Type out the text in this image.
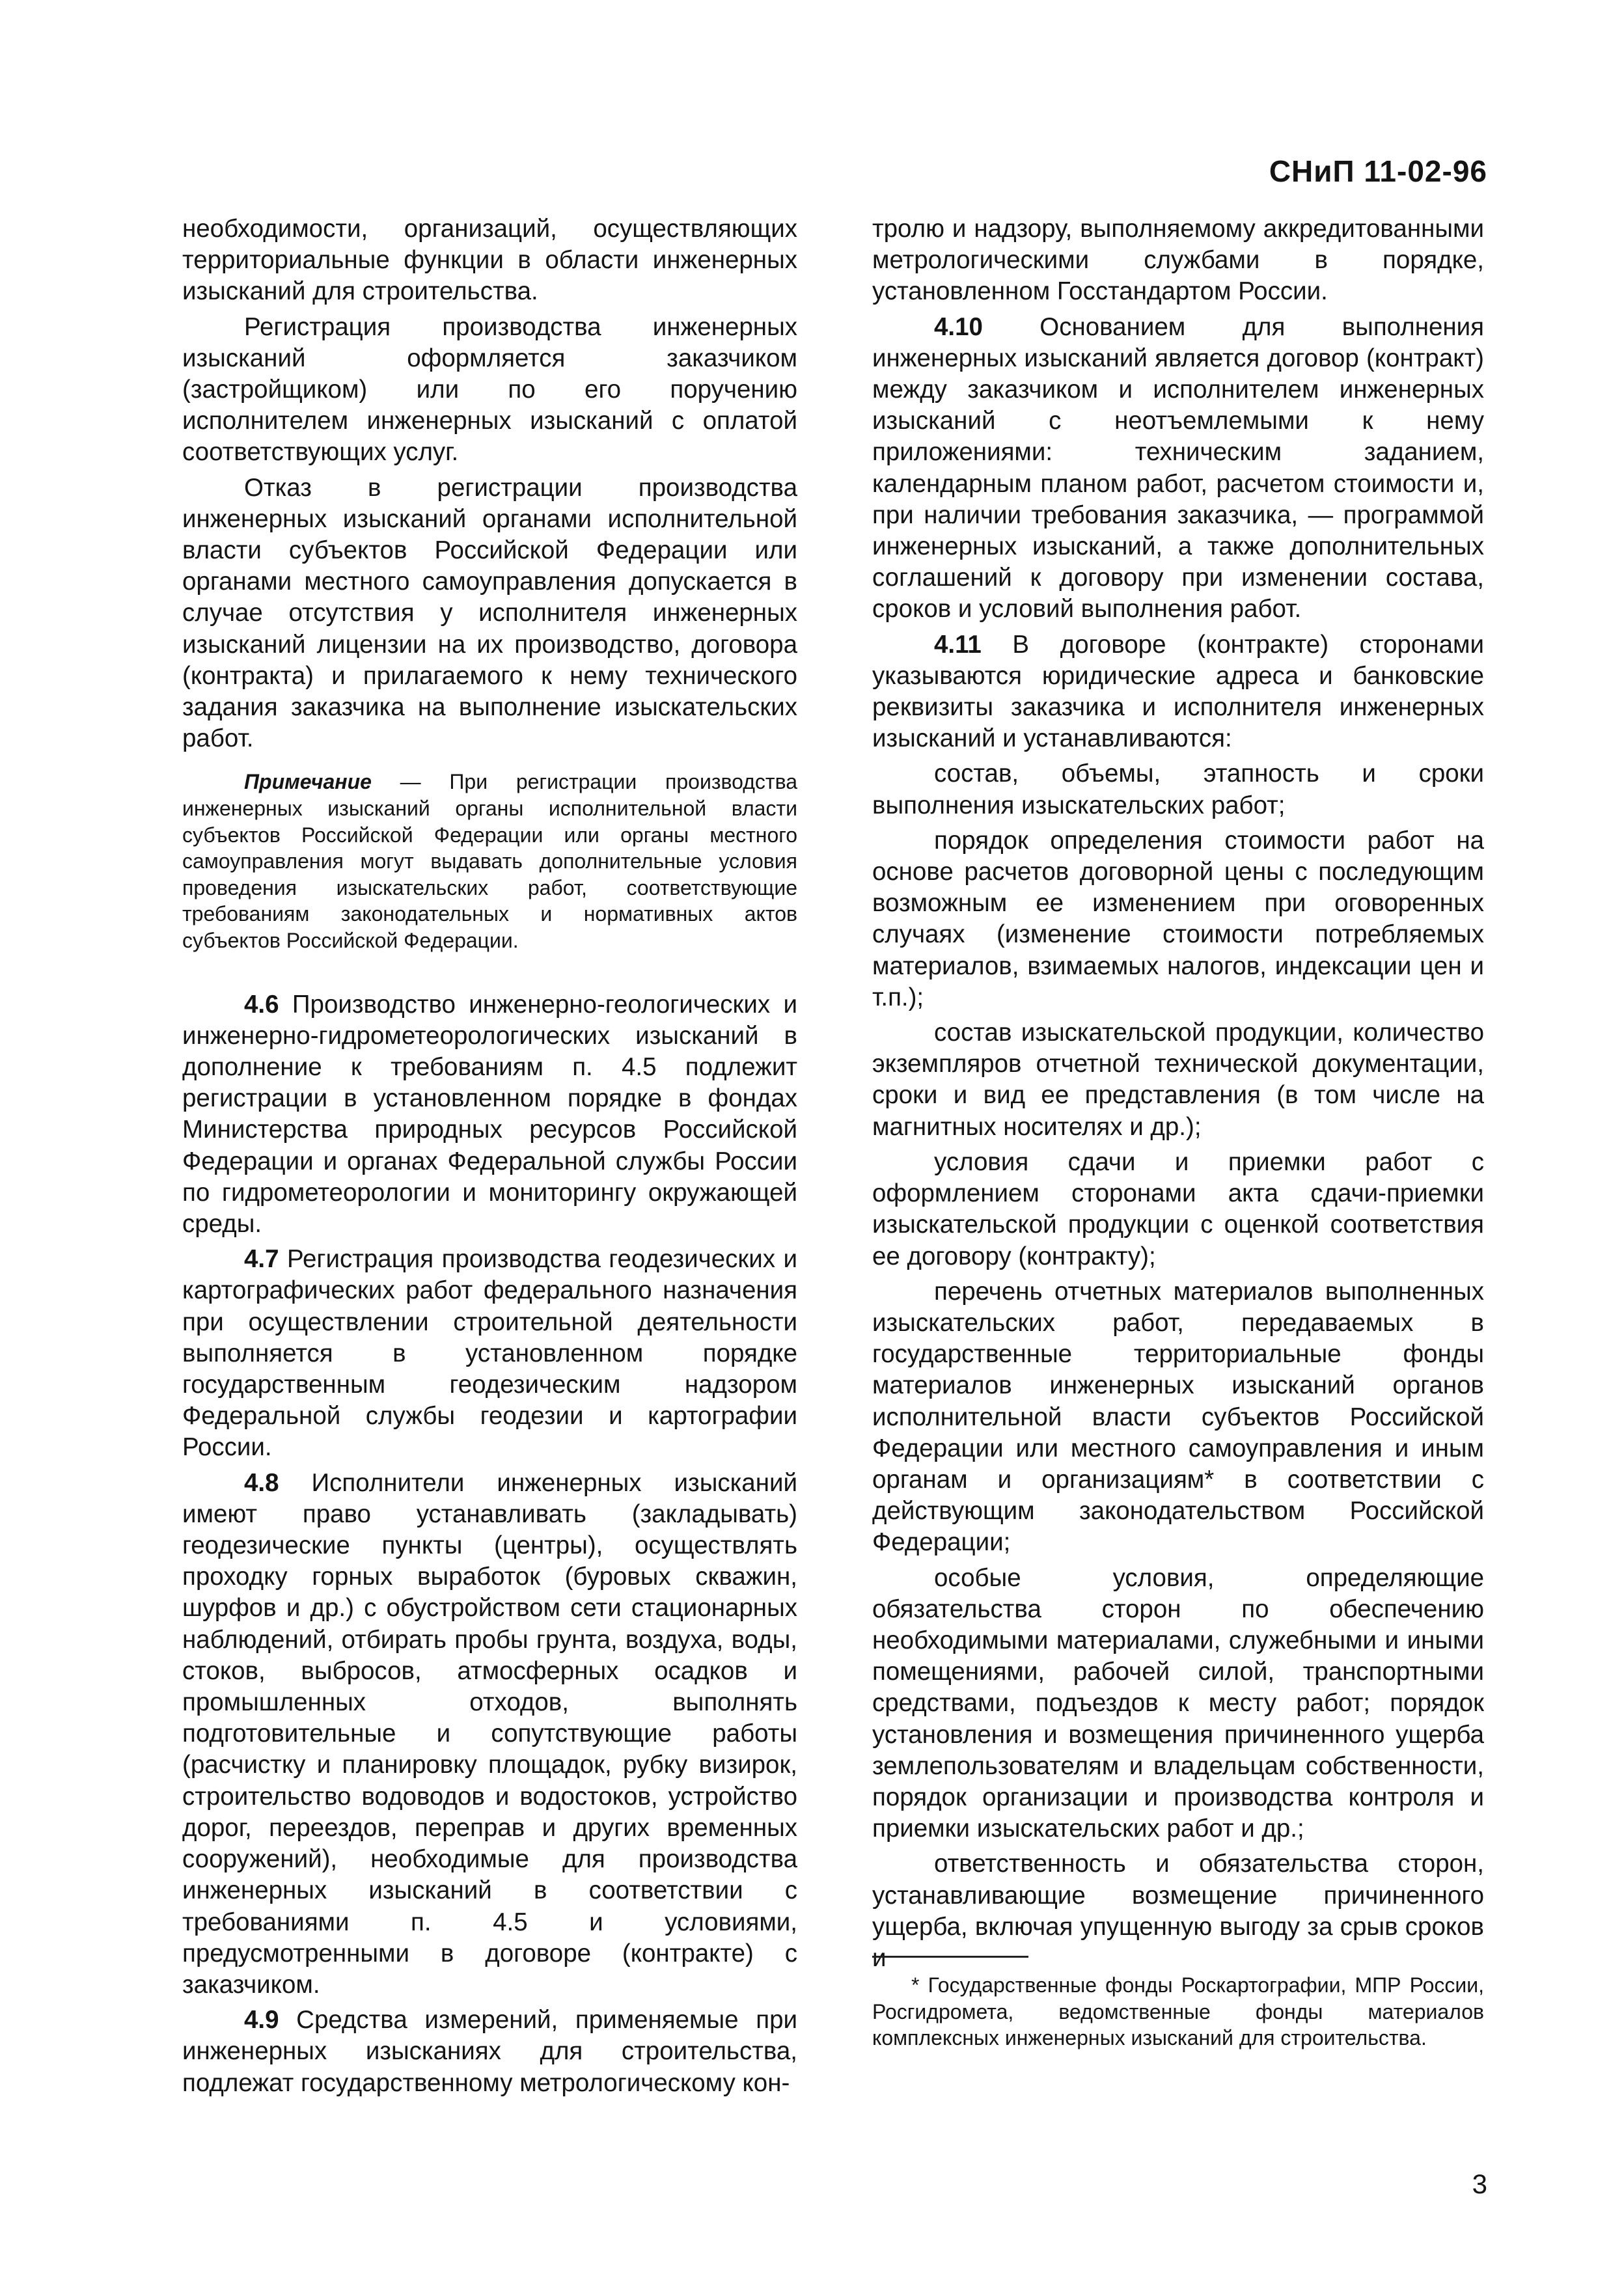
СНиП 11-02-96

необходимости, организаций, осуществляющих территориальные функции в области инженерных изысканий для строительства.

Регистрация производства инженерных изысканий оформляется заказчиком (застройщиком) или по его поручению исполнителем инженерных изысканий с оплатой соответствующих услуг.

Отказ в регистрации производства инженерных изысканий органами исполнительной власти субъектов Российской Федерации или органами местного самоуправления допускается в случае отсутствия у исполнителя инженерных изысканий лицензии на их производство, договора (контракта) и прилагаемого к нему технического задания заказчика на выполнение изыскательских работ.

Примечание — При регистрации производства инженерных изысканий органы исполнительной власти субъектов Российской Федерации или органы местного самоуправления могут выдавать дополнительные условия проведения изыскательских работ, соответствующие требованиям законодательных и нормативных актов субъектов Российской Федерации.

4.6 Производство инженерно-геологических и инженерно-гидрометеорологических изысканий в дополнение к требованиям п. 4.5 подлежит регистрации в установленном порядке в фондах Министерства природных ресурсов Российской Федерации и органах Федеральной службы России по гидрометеорологии и мониторингу окружающей среды.

4.7 Регистрация производства геодезических и картографических работ федерального назначения при осуществлении строительной деятельности выполняется в установленном порядке государственным геодезическим надзором Федеральной службы геодезии и картографии России.

4.8 Исполнители инженерных изысканий имеют право устанавливать (закладывать) геодезические пункты (центры), осуществлять проходку горных выработок (буровых скважин, шурфов и др.) с обустройством сети стационарных наблюдений, отбирать пробы грунта, воздуха, воды, стоков, выбросов, атмосферных осадков и промышленных отходов, выполнять подготовительные и сопутствующие работы (расчистку и планировку площадок, рубку визирок, строительство водоводов и водостоков, устройство дорог, переездов, переправ и других временных сооружений), необходимые для производства инженерных изысканий в соответствии с требованиями п. 4.5 и условиями, предусмотренными в договоре (контракте) с заказчиком.

4.9 Средства измерений, применяемые при инженерных изысканиях для строительства, подлежат государственному метрологическому кон-

тролю и надзору, выполняемому аккредитованными метрологическими службами в порядке, установленном Госстандартом России.

4.10 Основанием для выполнения инженерных изысканий является договор (контракт) между заказчиком и исполнителем инженерных изысканий с неотъемлемыми к нему приложениями: техническим заданием, календарным планом работ, расчетом стоимости и, при наличии требования заказчика, — программой инженерных изысканий, а также дополнительных соглашений к договору при изменении состава, сроков и условий выполнения работ.

4.11 В договоре (контракте) сторонами указываются юридические адреса и банковские реквизиты заказчика и исполнителя инженерных изысканий и устанавливаются:

состав, объемы, этапность и сроки выполнения изыскательских работ;

порядок определения стоимости работ на основе расчетов договорной цены с последующим возможным ее изменением при оговоренных случаях (изменение стоимости потребляемых материалов, взимаемых налогов, индексации цен и т.п.);

состав изыскательской продукции, количество экземпляров отчетной технической документации, сроки и вид ее представления (в том числе на магнитных носителях и др.);

условия сдачи и приемки работ с оформлением сторонами акта сдачи-приемки изыскательской продукции с оценкой соответствия ее договору (контракту);

перечень отчетных материалов выполненных изыскательских работ, передаваемых в государственные территориальные фонды материалов инженерных изысканий органов исполнительной власти субъектов Российской Федерации или местного самоуправления и иным органам и организациям* в соответствии с действующим законодательством Российской Федерации;

особые условия, определяющие обязательства сторон по обеспечению необходимыми материалами, служебными и иными помещениями, рабочей силой, транспортными средствами, подъездов к месту работ; порядок установления и возмещения причиненного ущерба землепользователям и владельцам собственности, порядок организации и производства контроля и приемки изыскательских работ и др.;

ответственность и обязательства сторон, устанавливающие возмещение причиненного ущерба, включая упущенную выгоду за срыв сроков и

* Государственные фонды Роскартографии, МПР России, Росгидромета, ведомственные фонды материалов комплексных инженерных изысканий для строительства.

3
